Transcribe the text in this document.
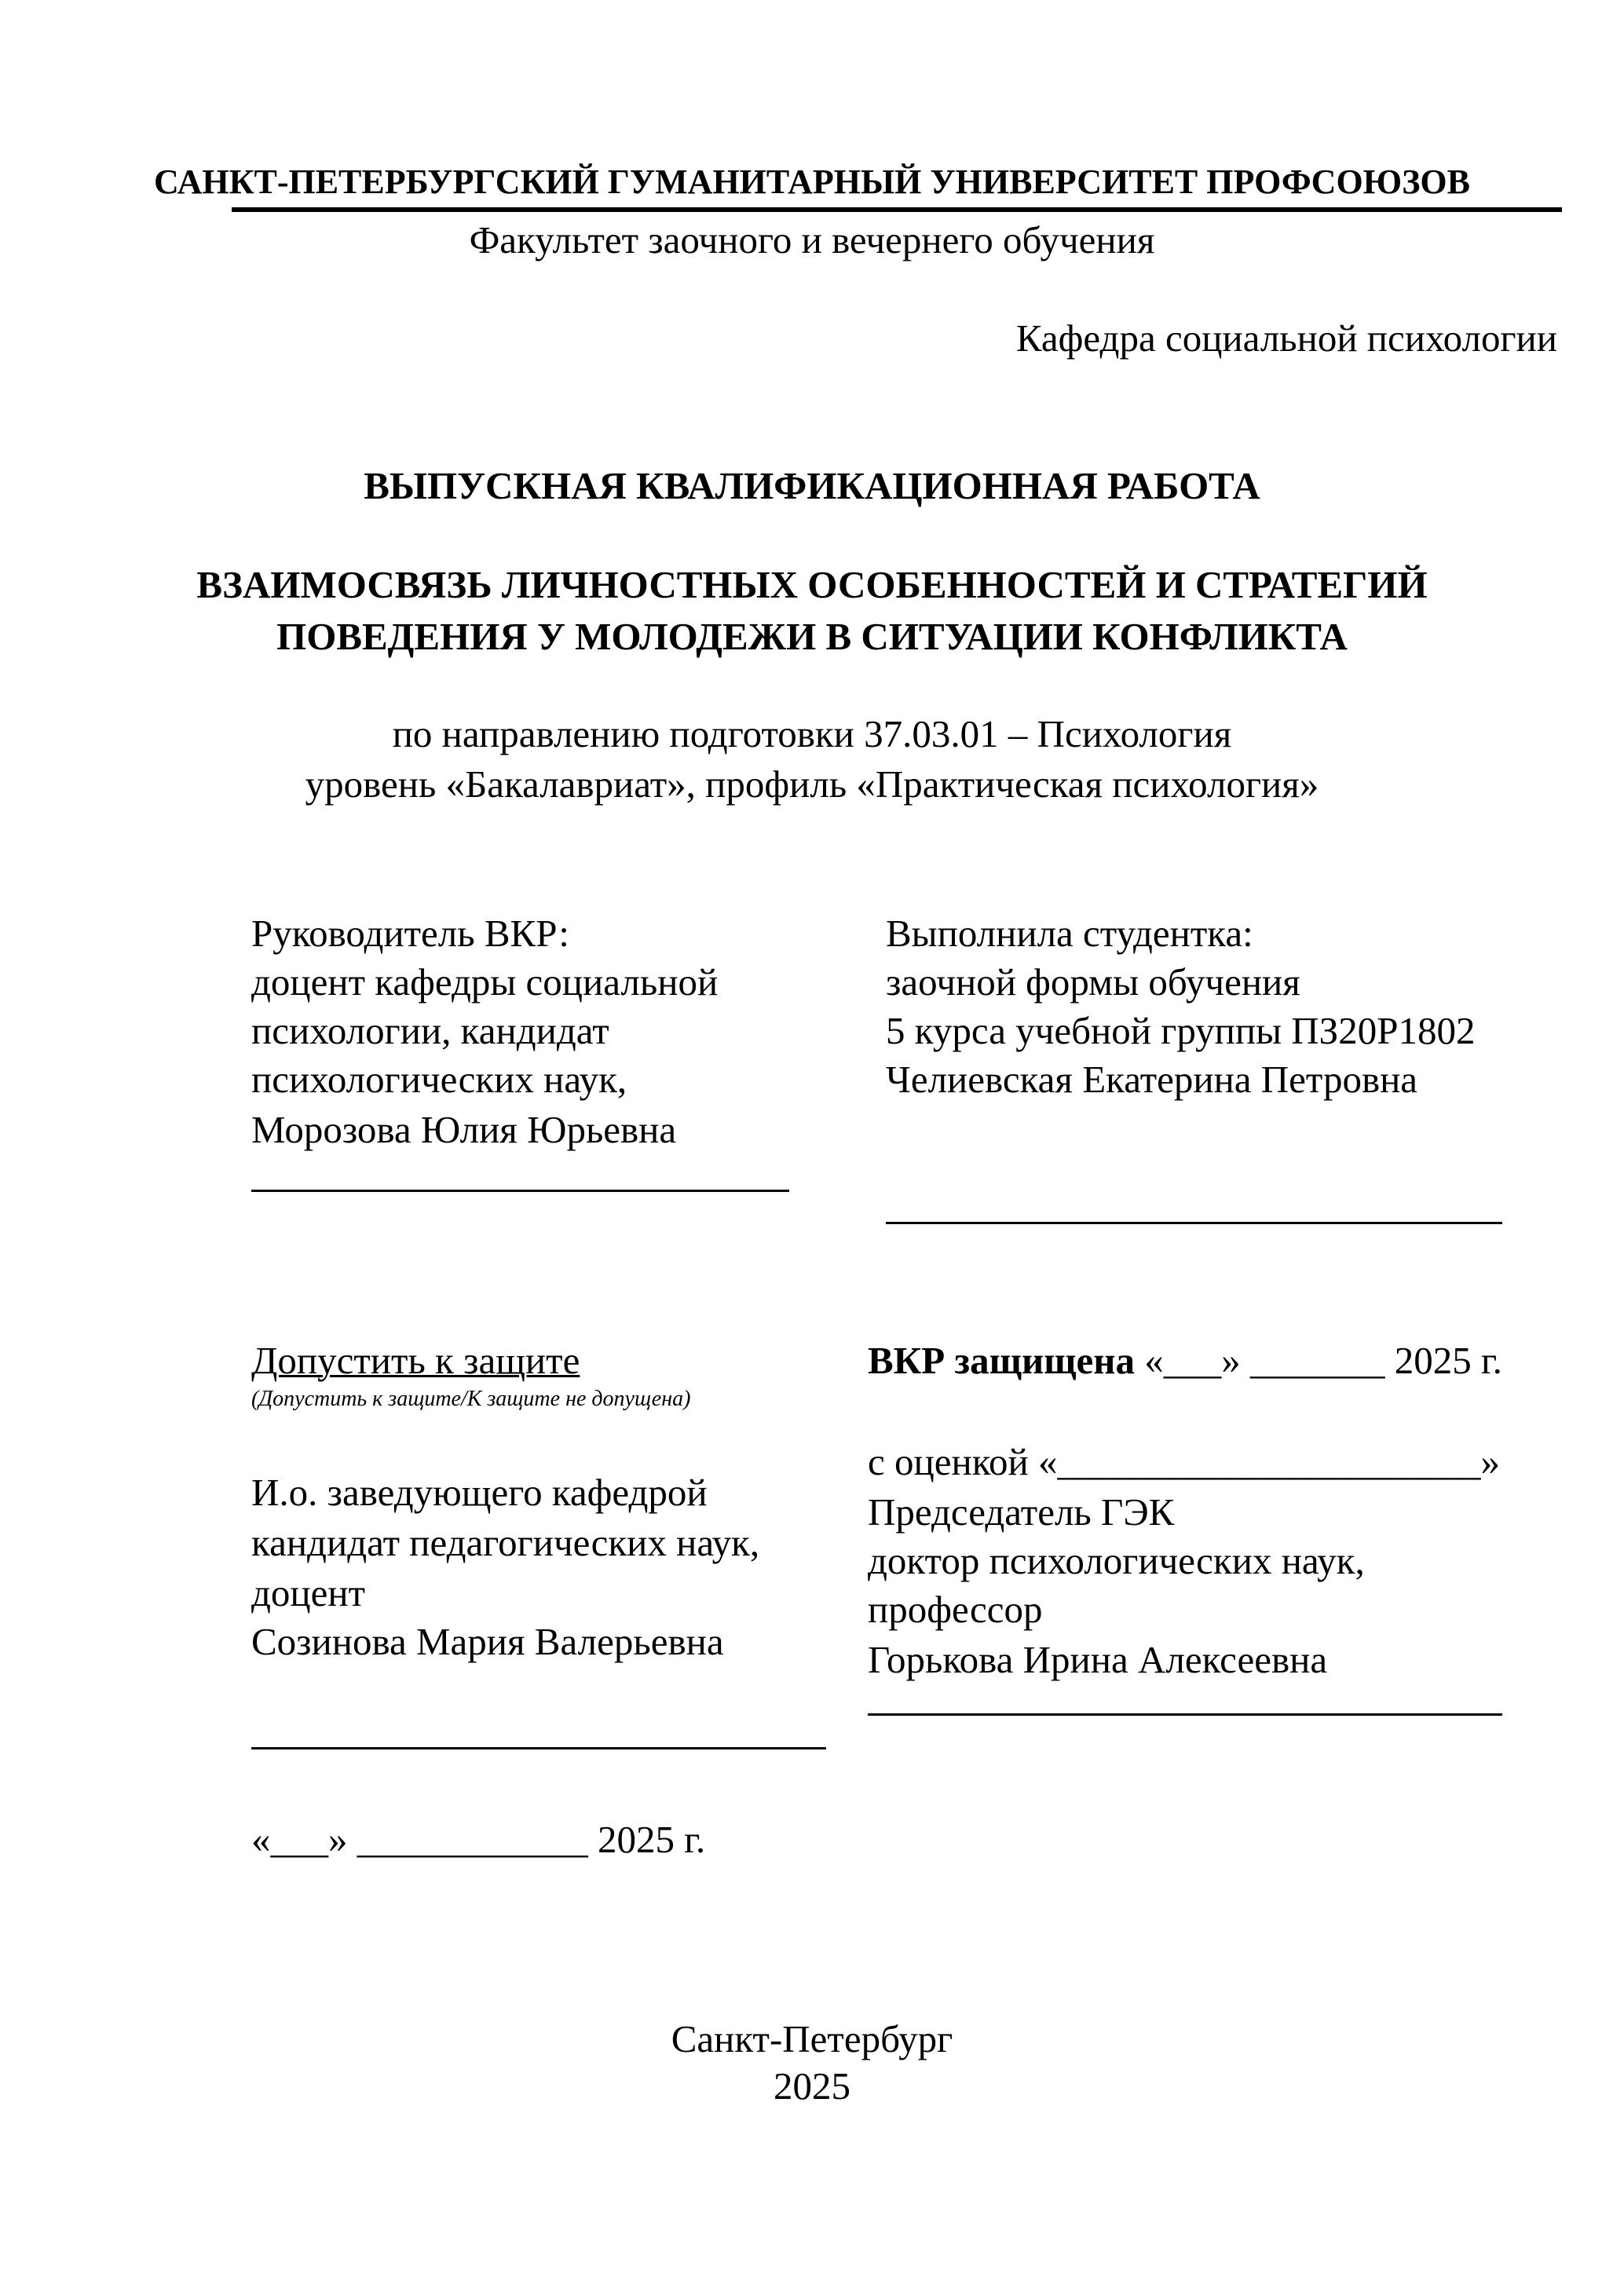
САНКТ-ПЕТЕРБУРГСКИЙ ГУМАНИТАРНЫЙ УНИВЕРСИТЕТ ПРОФСОЮЗОВ
Факультет заочного и вечернего обучения
Кафедра социальной психологии
ВЫПУСКНАЯ КВАЛИФИКАЦИОННАЯ РАБОТА
ВЗАИМОСВЯЗЬ ЛИЧНОСТНЫХ ОСОБЕННОСТЕЙ И СТРАТЕГИЙ
ПОВЕДЕНИЯ У МОЛОДЕЖИ В СИТУАЦИИ КОНФЛИКТА
по направлению подготовки 37.03.01 – Психология
уровень «Бакалавриат», профиль «Практическая психология»
Руководитель ВКР:
доцент кафедры социальной
психологии, кандидат
психологических наук,
Морозова Юлия Юрьевна
Выполнила студентка:
заочной формы обучения
5 курса учебной группы ПЗ20Р1802
Челиевская Екатерина Петровна
Допустить к защите
(Допустить к защите/К защите не допущена)
И.о. заведующего кафедрой
кандидат педагогических наук,
доцент
Созинова Мария Валерьевна
«___» ____________ 2025 г.
ВКР защищена «___» _______ 2025 г.
с оценкой «______________________»
Председатель ГЭК
доктор психологических наук,
профессор
Горькова Ирина Алексеевна
Санкт-Петербург
2025
